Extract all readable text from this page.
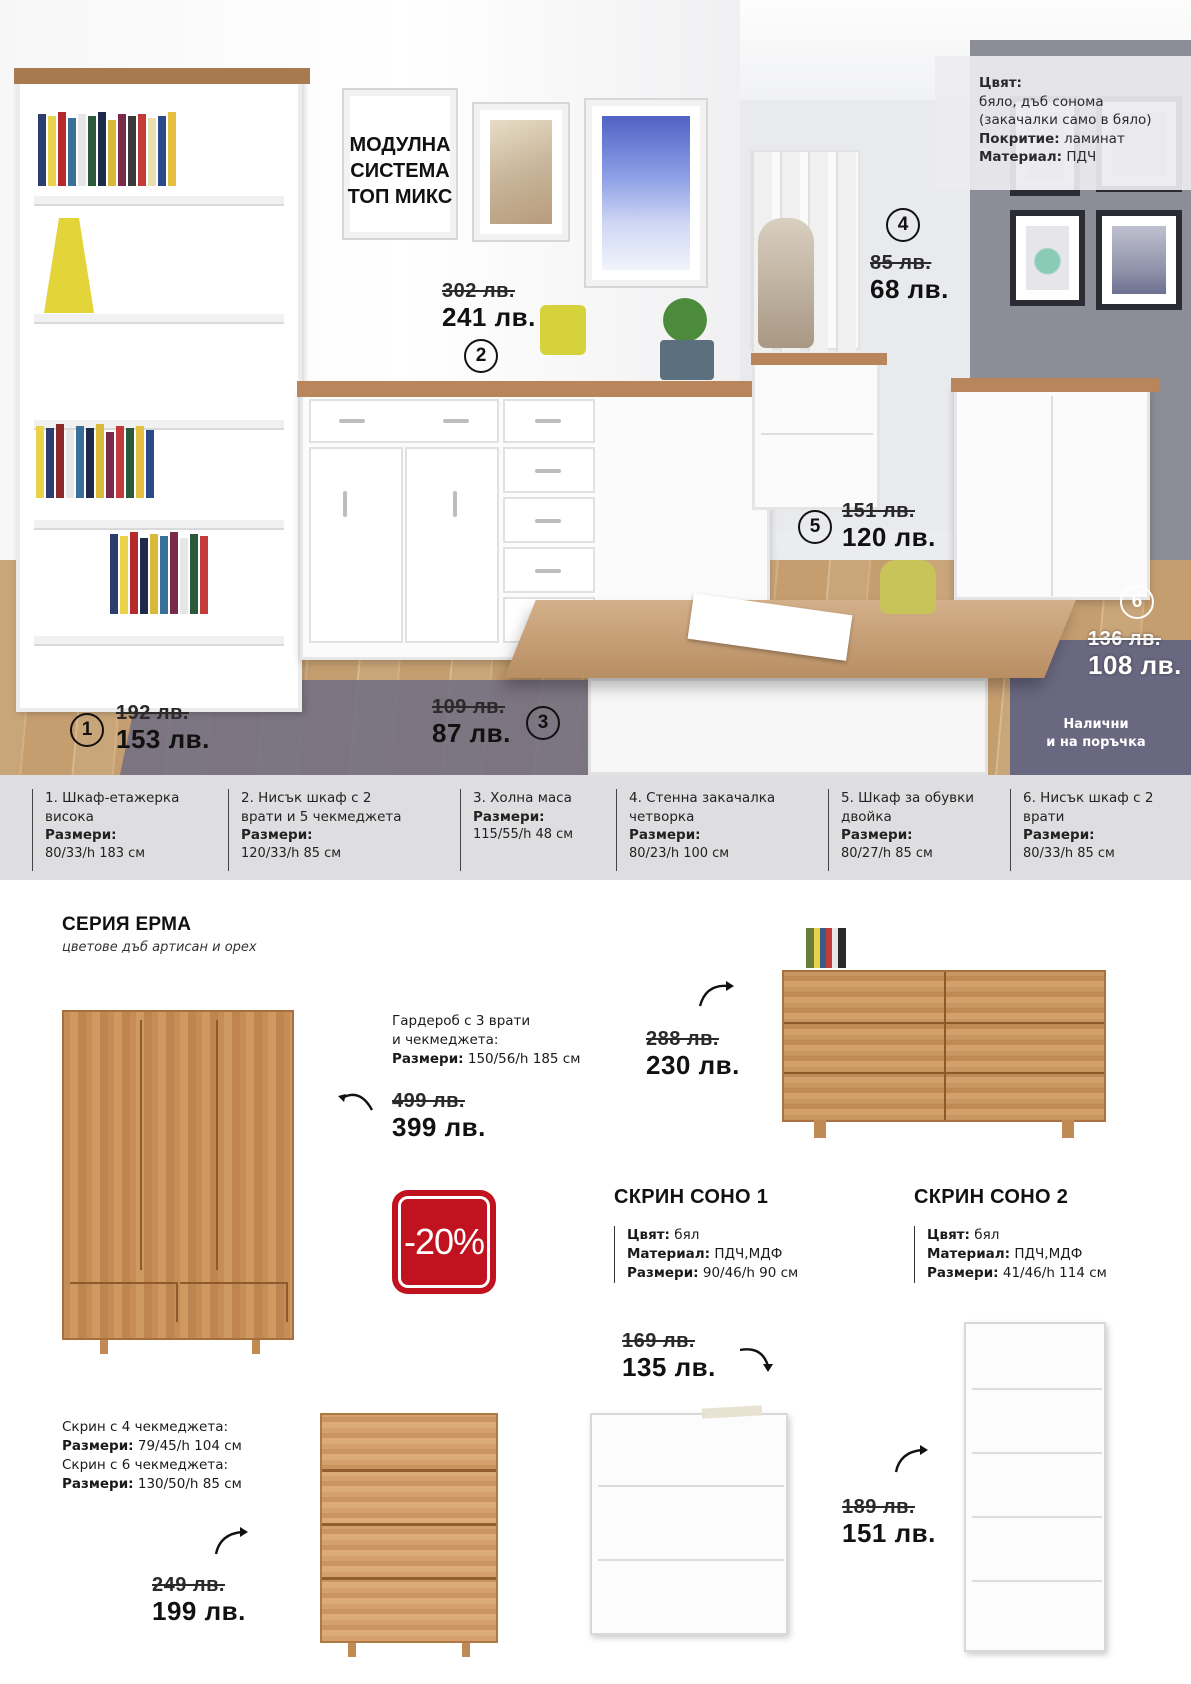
МОДУЛНА
СИСТЕМА
ТОП МИКС
Цвят:
бяло, дъб сонома
(закачалки само в бяло)
Покритие: ламинат
Материал: ПДЧ
1
192 лв.
153 лв.
302 лв.
241 лв.
2
109 лв.
87 лв.	3
4
85 лв.
68 лв.
5
151 лв.
120 лв.
6
136 лв.
108 лв.
Налични
и на поръчка
1. Шкаф-етажерка
висока
Размери:
80/33/h 183 см
2. Нисък шкаф с 2
врати и 5 чекмеджета
Размери:
120/33/h 85 см
3. Холна маса
Размери:
115/55/h 48 см
4. Стенна закачалка
четворка
Размери:
80/23/h 100 см
5. Шкаф за обувки
двойка
Размери:
80/27/h 85 см
6. Нисък шкаф с 2
врати
Размери:
80/33/h 85 см
СЕРИЯ ЕРМА
цветове дъб артисан и орех
Гардероб с 3 врати
и чекмеджета:
Размери: 150/56/h 185 см
499 лв.
399 лв.
-20%
288 лв.
230 лв.
Скрин с 4 чекмеджета:
Размери: 79/45/h 104 см
Скрин с 6 чекмеджета:
Размери: 130/50/h 85 см
249 лв.
199 лв.
СКРИН СОНО 1
Цвят: бял
Материал: ПДЧ,МДФ
Размери: 90/46/h 90 см
169 лв.
135 лв.
СКРИН СОНО 2
Цвят: бял
Материал: ПДЧ,МДФ
Размери: 41/46/h 114 см
189 лв.
151 лв.
